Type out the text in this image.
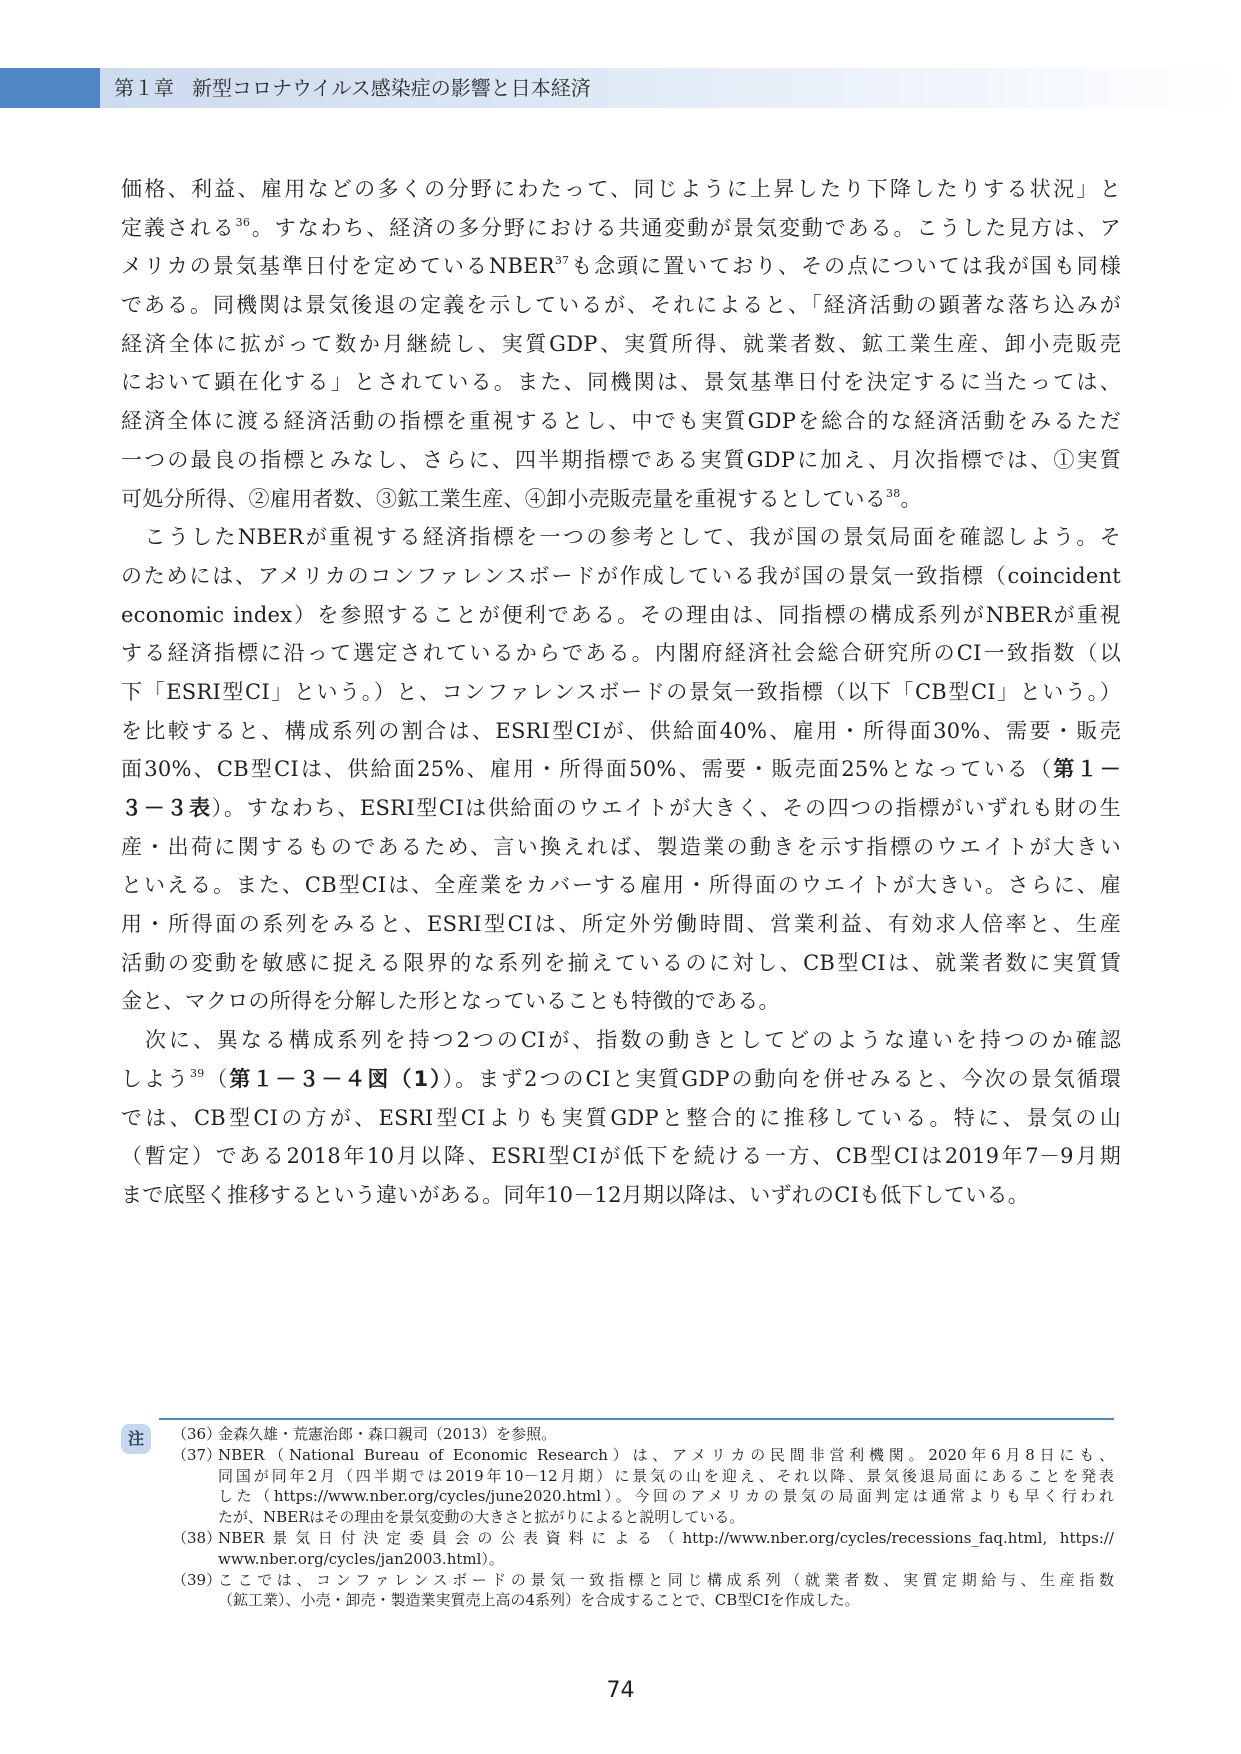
第１章 新型コロナウイルス感染症の影響と日本経済
価格、利益、雇用などの多くの分野にわたって、同じように上昇したり下降したりする状況」と
定義される$^{36}$。すなわち、経済の多分野における共通変動が景気変動である。こうした見方は、ア
メリカの景気基準日付を定めているNBER$^{37}$も念頭に置いており、その点については我が国も同様
である。同機関は景気後退の定義を示しているが、それによると、「経済活動の顕著な落ち込みが
経済全体に拡がって数か月継続し、実質GDP、実質所得、就業者数、鉱工業生産、卸小売販売
において顕在化する」とされている。また、同機関は、景気基準日付を決定するに当たっては、
経済全体に渡る経済活動の指標を重視するとし、中でも実質GDPを総合的な経済活動をみるただ
一つの最良の指標とみなし、さらに、四半期指標である実質GDPに加え、月次指標では、①実質
可処分所得、②雇用者数、③鉱工業生産、④卸小売販売量を重視するとしている$^{38}$。
　こうしたNBERが重視する経済指標を一つの参考として、我が国の景気局面を確認しよう。そ
のためには、アメリカのコンファレンスボードが作成している我が国の景気一致指標（coincident
economic index）を参照することが便利である。その理由は、同指標の構成系列がNBERが重視
する経済指標に沿って選定されているからである。内閣府経済社会総合研究所のCI一致指数（以
下「ESRI型CI」という。）と、コンファレンスボードの景気一致指標（以下「CB型CI」という。）
を比較すると、構成系列の割合は、ESRI型CIが、供給面40%、雇用・所得面30%、需要・販売
面30%、CB型CIは、供給面25%、雇用・所得面50%、需要・販売面25%となっている（第１－
３－３表）。すなわち、ESRI型CIは供給面のウエイトが大きく、その四つの指標がいずれも財の生
産・出荷に関するものであるため、言い換えれば、製造業の動きを示す指標のウエイトが大きい
といえる。また、CB型CIは、全産業をカバーする雇用・所得面のウエイトが大きい。さらに、雇
用・所得面の系列をみると、ESRI型CIは、所定外労働時間、営業利益、有効求人倍率と、生産
活動の変動を敏感に捉える限界的な系列を揃えているのに対し、CB型CIは、就業者数に実質賃
金と、マクロの所得を分解した形となっていることも特徴的である。
　次に、異なる構成系列を持つ2つのCIが、指数の動きとしてどのような違いを持つのか確認
しよう$^{39}$（第１－３－４図（1））。まず2つのCIと実質GDPの動向を併せみると、今次の景気循環
では、CB型CIの方が、ESRI型CIよりも実質GDPと整合的に推移している。特に、景気の山
（暫定）である2018年10月以降、ESRI型CIが低下を続ける一方、CB型CIは2019年7－9月期
まで底堅く推移するという違いがある。同年10－12月期以降は、いずれのCIも低下している。
注	（36）
金森久雄・荒憲治郎・森口親司（2013）を参照。
（37）
NBER（National Bureau of Economic Research）は、アメリカの民間非営利機関。2020年6月8日にも、
同国が同年2月（四半期では2019年10－12月期）に景気の山を迎え、それ以降、景気後退局面にあることを発表
した（https://www.nber.org/cycles/june2020.html）。今回のアメリカの景気の局面判定は通常よりも早く行われ
たが、NBERはその理由を景気変動の大きさと拡がりによると説明している。
（38）
NBER景気日付決定委員会の公表資料による（http://www.nber.org/cycles/recessions_faq.html, https://
www.nber.org/cycles/jan2003.html）。
（39）
ここでは、コンファレンスボードの景気一致指標と同じ構成系列（就業者数、実質定期給与、生産指数
（鉱工業）、小売・卸売・製造業実質売上高の4系列）を合成することで、CB型CIを作成した。
74
